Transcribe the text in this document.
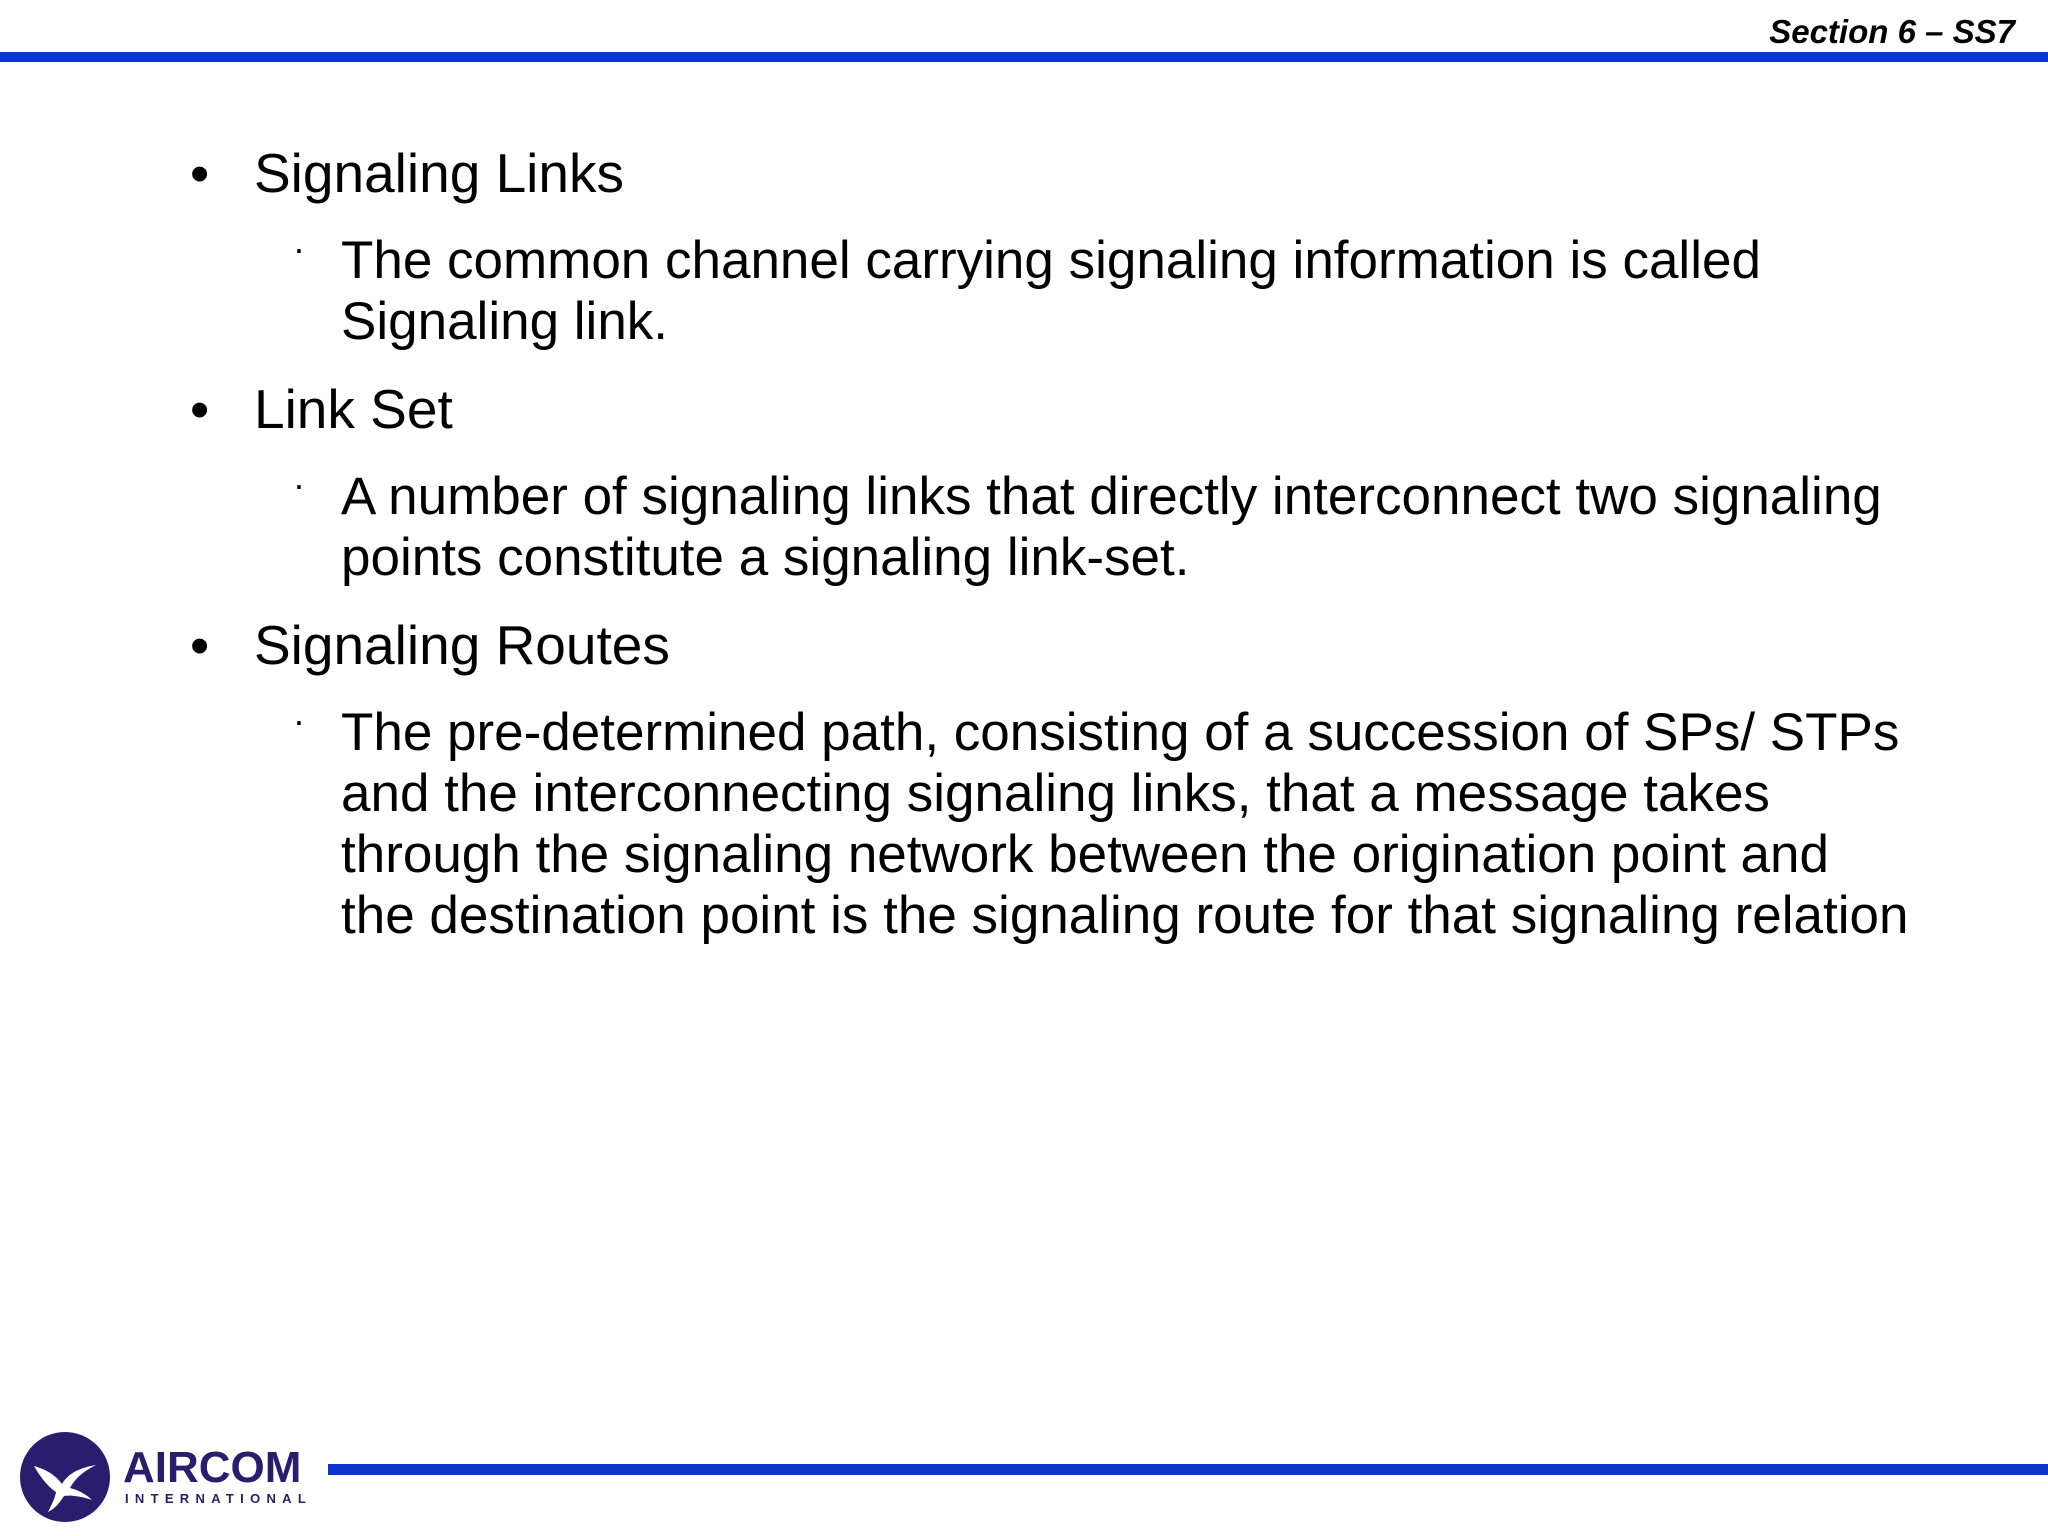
Section 6 – SS7

• Signaling Links

· The common channel carrying signaling information is called Signaling link.

• Link Set

· A number of signaling links that directly interconnect two signaling points constitute a signaling link-set.

• Signaling Routes

· The pre-determined path, consisting of a succession of SPs/ STPs and the interconnecting signaling links, that a message takes through the signaling network between the origination point and the destination point is the signaling route for that signaling relation

AIRCOM
INTERNATIONAL
